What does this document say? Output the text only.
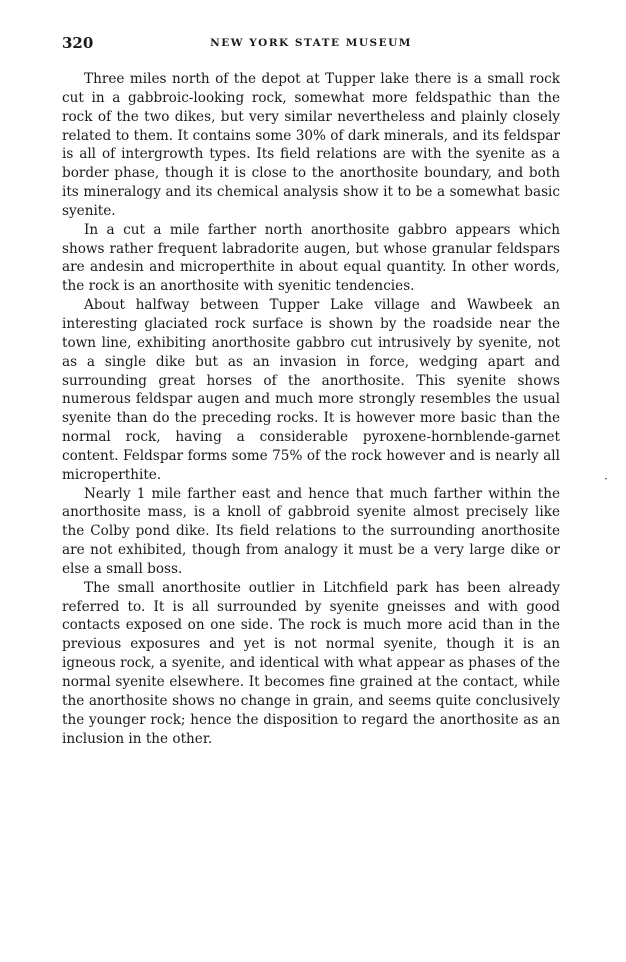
320	NEW YORK STATE MUSEUM

Three miles north of the depot at Tupper lake there is a small rock cut in a gabbroic-looking rock, somewhat more feldspathic than the rock of the two dikes, but very similar nevertheless and plainly closely related to them. It contains some 30% of dark minerals, and its feldspar is all of intergrowth types. Its field relations are with the syenite as a border phase, though it is close to the anorthosite boundary, and both its mineralogy and its chemical analysis show it to be a somewhat basic syenite.

In a cut a mile farther north anorthosite gabbro appears which shows rather frequent labradorite augen, but whose granular feldspars are andesin and microperthite in about equal quantity. In other words, the rock is an anorthosite with syenitic tendencies.

About halfway between Tupper Lake village and Wawbeek an interesting glaciated rock surface is shown by the roadside near the town line, exhibiting anorthosite gabbro cut intrusively by syenite, not as a single dike but as an invasion in force, wedging apart and surrounding great horses of the anorthosite. This syenite shows numerous feldspar augen and much more strongly resembles the usual syenite than do the preceding rocks. It is however more basic than the normal rock, having a considerable pyroxene-hornblende-garnet content. Feldspar forms some 75% of the rock however and is nearly all microperthite.

Nearly 1 mile farther east and hence that much farther within the anorthosite mass, is a knoll of gabbroid syenite almost precisely like the Colby pond dike. Its field relations to the surrounding anorthosite are not exhibited, though from analogy it must be a very large dike or else a small boss.

The small anorthosite outlier in Litchfield park has been already referred to. It is all surrounded by syenite gneisses and with good contacts exposed on one side. The rock is much more acid than in the previous exposures and yet is not normal syenite, though it is an igneous rock, a syenite, and identical with what appear as phases of the normal syenite elsewhere. It becomes fine grained at the contact, while the anorthosite shows no change in grain, and seems quite conclusively the younger rock; hence the disposition to regard the anorthosite as an inclusion in the other.

·
